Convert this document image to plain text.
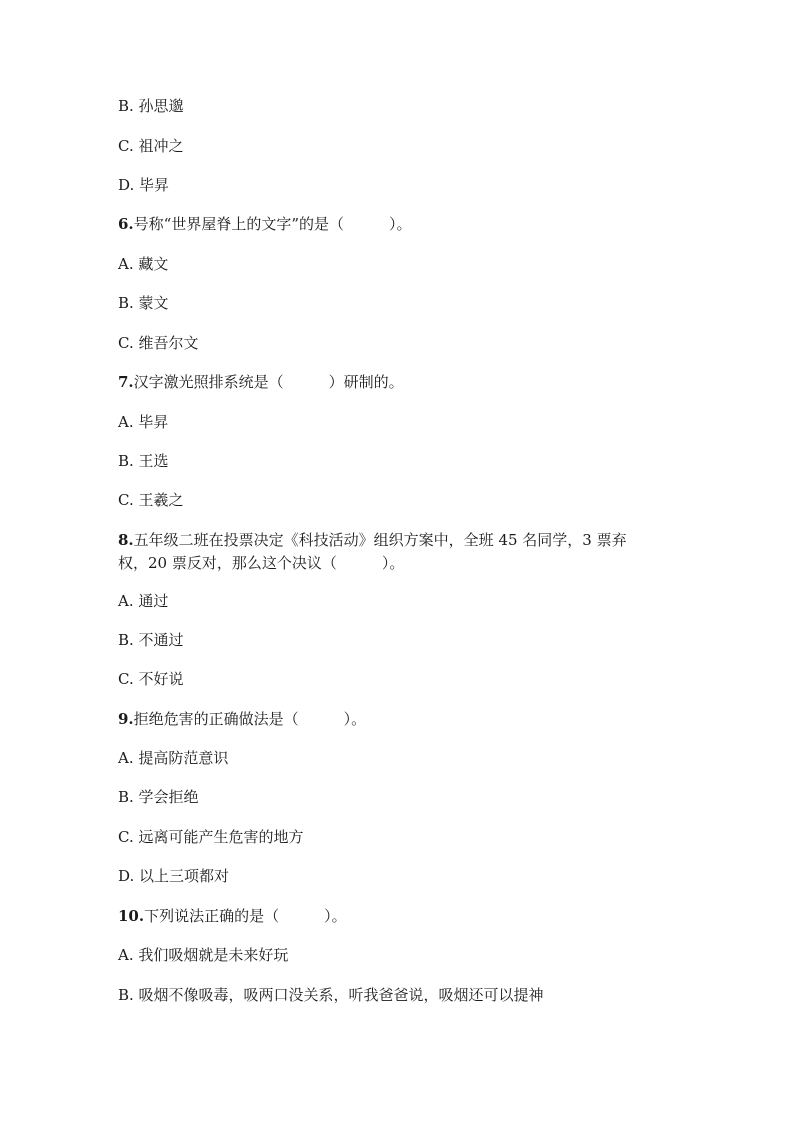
B. 孙思邈
C. 祖冲之
D. 毕昇
6.号称“世界屋脊上的文字”的是（　　　）。
A. 藏文
B. 蒙文
C. 维吾尔文
7.汉字激光照排系统是（　　　）研制的。
A. 毕昇
B. 王选
C. 王羲之
8.五年级二班在投票决定《科技活动》组织方案中，全班 45 名同学，3 票弃
权，20 票反对，那么这个决议（　　　）。
A. 通过
B. 不通过
C. 不好说
9.拒绝危害的正确做法是（　　　）。
A. 提高防范意识
B. 学会拒绝
C. 远离可能产生危害的地方
D. 以上三项都对
10.下列说法正确的是（　　　）。
A. 我们吸烟就是未来好玩
B. 吸烟不像吸毒，吸两口没关系，听我爸爸说，吸烟还可以提神
